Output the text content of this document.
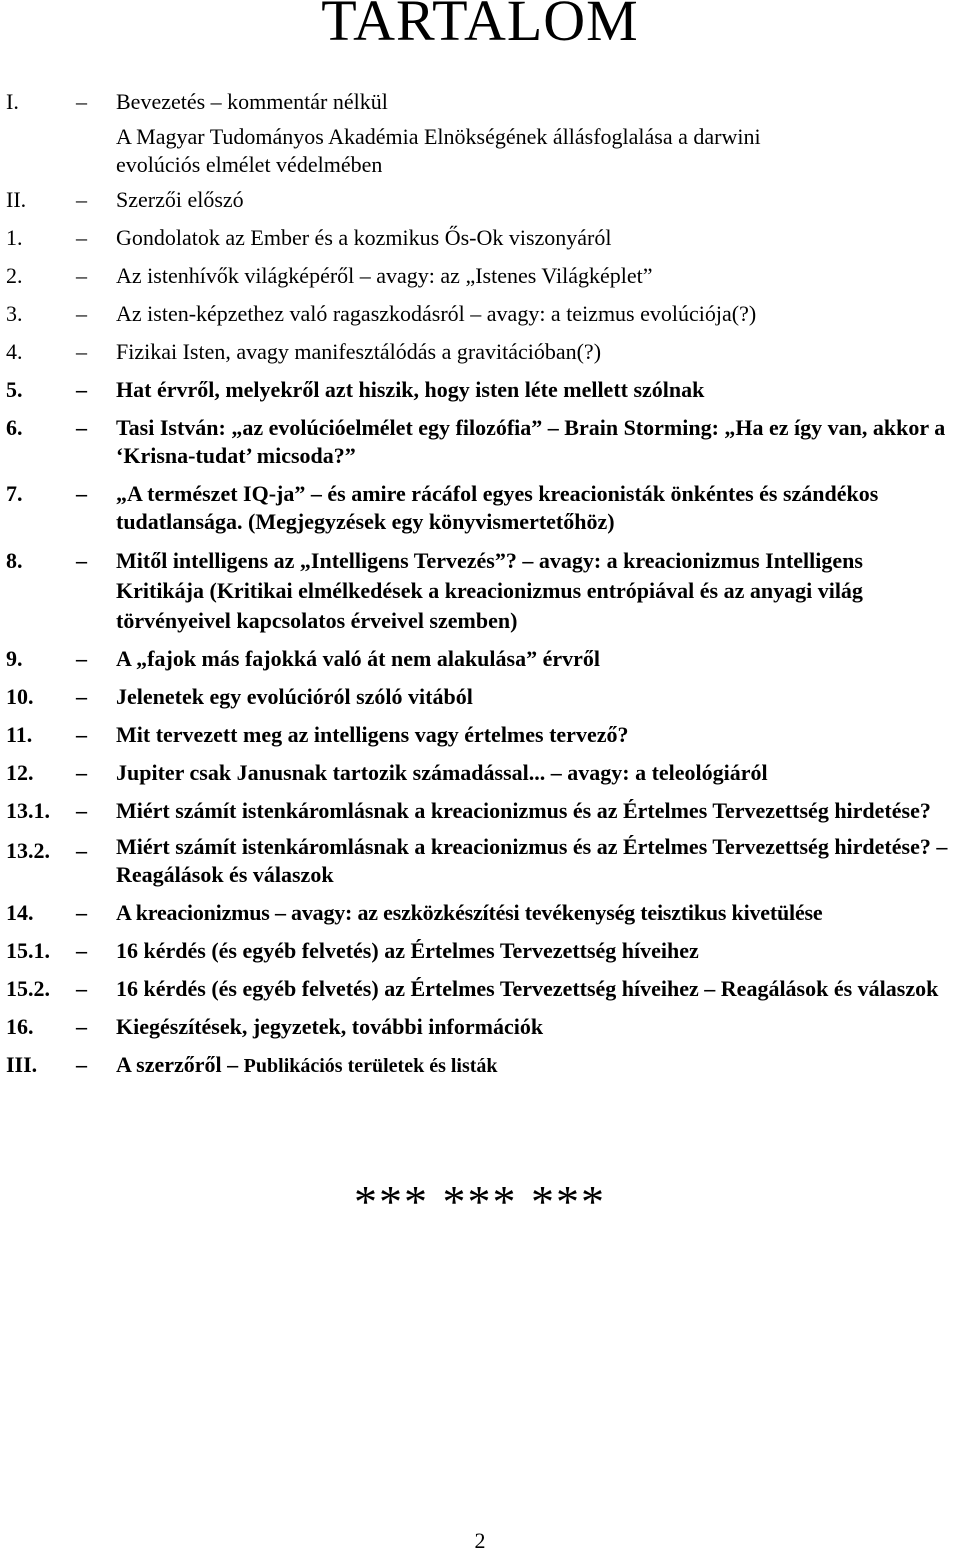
TARTALOM
I.	–	Bevezetés – kommentár nélkül
A Magyar Tudományos Akadémia Elnökségének állásfoglalása a darwini
evolúciós elmélet védelmében
II.	–	Szerzői előszó
1.	–	Gondolatok az Ember és a kozmikus Ős-Ok viszonyáról
2.	–	Az istenhívők világképéről – avagy: az „Istenes Világképlet”
3.	–	Az isten-képzethez való ragaszkodásról – avagy: a teizmus evolúciója(?)
4.	–	Fizikai Isten, avagy manifesztálódás a gravitációban(?)
5.	–	Hat érvről, melyekről azt hiszik, hogy isten léte mellett szólnak
6.	–	Tasi István: „az evolúcióelmélet egy filozófia” – Brain Storming: „Ha ez így van, akkor a ‘Krisna-tudat’ micsoda?”
7.	–	„A természet IQ-ja” – és amire rácáfol egyes kreacionisták önkéntes és szándékos tudatlansága. (Megjegyzések egy könyvismertetőhöz)
8.	–	Mitől intelligens az „Intelligens Tervezés”? – avagy: a kreacionizmus Intelligens Kritikája (Kritikai elmélkedések a kreacionizmus entrópiával és az anyagi világ törvényeivel kapcsolatos érveivel szemben)
9.	–	A „fajok más fajokká való át nem alakulása” érvről
10.	–	Jelenetek egy evolúcióról szóló vitából
11.	–	Mit tervezett meg az intelligens vagy értelmes tervező?
12.	–	Jupiter csak Janusnak tartozik számadással... – avagy: a teleológiáról
13.1.	–	Miért számít istenkáromlásnak a kreacionizmus és az Értelmes Tervezettség hirdetése?
13.2.	–	Miért számít istenkáromlásnak a kreacionizmus és az Értelmes Tervezettség hirdetése? – Reagálások és válaszok
14.	–	A kreacionizmus – avagy: az eszközkészítési tevékenység teisztikus kivetülése
15.1.	–	16 kérdés (és egyéb felvetés) az Értelmes Tervezettség híveihez
15.2.	–	16 kérdés (és egyéb felvetés) az Értelmes Tervezettség híveihez – Reagálások és válaszok
16.	–	Kiegészítések, jegyzetek, további információk
III.	–	A szerzőről – Publikációs területek és listák
*** *** ***
2
